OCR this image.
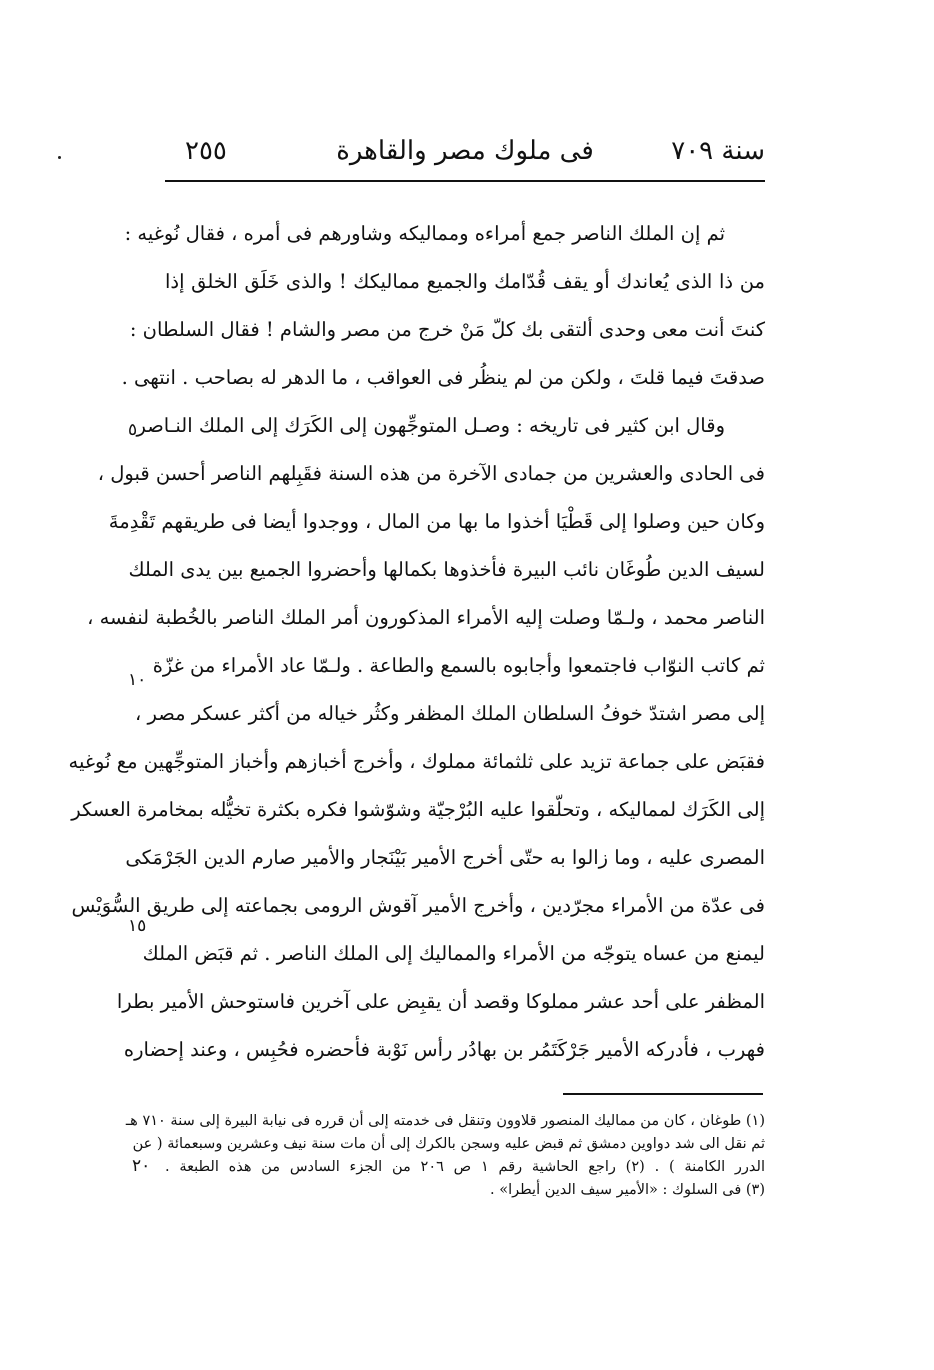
سنة ٧٠٩
فى ملوك مصر والقاهرة
٢٥٥
ثم إن الملك الناصر جمع أمراءه ومماليكه وشاورهم فى أمره ، فقال نُوغيه :
من ذا الذى يُعاندك أو يقف قُدّامك والجميع مماليكك ! والذى خَلَق الخلق إذا
كنتَ أنت معى وحدى ألتقى بك كلّ مَنْ خرج من مصر والشام ! فقال السلطان :
صدقتَ فيما قلتَ ، ولكن من لم ينظُر فى العواقب ، ما الدهر له بصاحب . انتهى .
وقال ابن كثير فى تاريخه : وصـل المتوجِّهون إلى الكَرَك إلى الملك النـاصر
فى الحادى والعشرين من جمادى الآخرة من هذه السنة فقَبِلهم الناصر أحسن قبول ،
وكان حين وصلوا إلى قَطْيَا أخذوا ما بها من المال ، ووجدوا أيضا فى طريقهم تَقْدِمةَ
لسيف الدين طُوغَان نائب البيرة فأخذوها بكمالها وأحضروا الجميع بين يدى الملك
الناصر محمد ، ولـمّا وصلت إليه الأمراء المذكورون أمر الملك الناصر بالخُطبة لنفسه ،
ثم كاتب النوّاب فاجتمعوا وأجابوه بالسمع والطاعة . ولـمّا عاد الأمراء من غزّة
إلى مصر اشتدّ خوفُ السلطان الملك المظفر وكثُر خياله من أكثر عسكر مصر ،
فقبَض على جماعة تزيد على ثلثمائة مملوك ، وأخرج أخبازهم وأخباز المتوجِّهين مع نُوغيه
إلى الكَرَك لمماليكه ، وتحلّقوا عليه البُرْجيّة وشوّشوا فكره بكثرة تخيُّله بمخامرة العسكر
المصرى عليه ، وما زالوا به حتّى أخرج الأمير بَيْنَجار والأمير صارم الدين الجَرْمَكى
فى عدّة من الأمراء مجرّدين ، وأخرج الأمير آقوش الرومى بجماعته إلى طريق السُّوَيْس
ليمنع من عساه يتوجّه من الأمراء والمماليك إلى الملك الناصر . ثم قبَض الملك
المظفر على أحد عشر مملوكا وقصد أن يقبِض على آخرين فاستوحش الأمير بطرا
فهرب ، فأدركه الأمير جَرْكَتَمُر بن بهادُر رأس نَوْبة فأحضره فحُبِس ، وعند إحضاره
٥
١٠
١٥
٢٠
(١) طوغان ، كان من مماليك المنصور قلاوون وتنقل فى خدمته إلى أن قرره فى نيابة البيرة إلى سنة ٧١٠ هـ
ثم نقل الى شد دواوين دمشق ثم قبض عليه وسجن بالكرك إلى أن مات سنة نيف وعشرين وسبعمائة ( عن
الدرر الكامنة ) . (٢) راجع الحاشية رقم ١ ص ٢٠٦ من الجزء السادس من هذه الطبعة .
(٣) فى السلوك : «الأمير سيف الدين أيطرا» .
